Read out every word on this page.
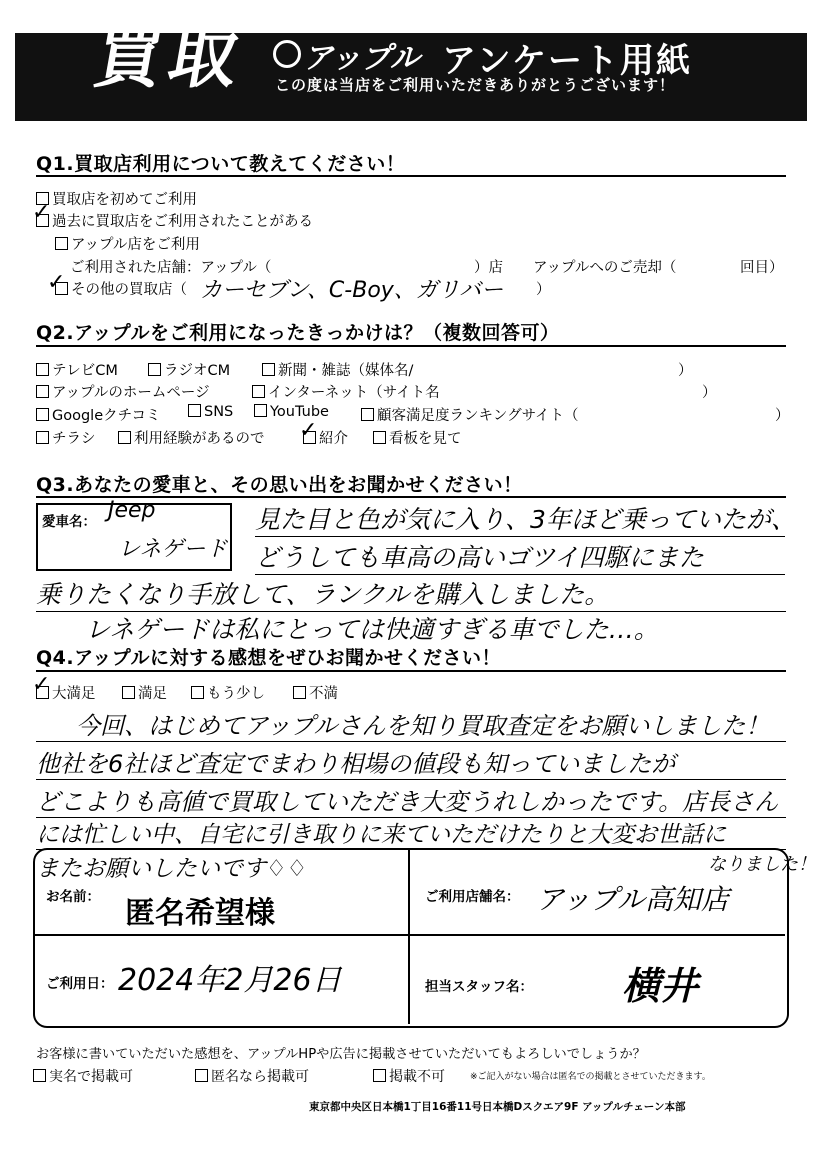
買取 アップル アンケート用紙
この度は当店をご利用いただきありがとうございます！
Q1.買取店利用について教えてください！
買取店を初めてご利用
過去に買取店をご利用されたことがある
✓
アップル店をご利用
ご利用された店舗：アップル（	）店 アップルへのご売却（	回目）
その他の買取店（
✓	カーセブン、C-Boy、ガリバー ）
Q2.アップルをご利用になったきっかけは？（複数回答可）
テレビCM	ラジオCM	新聞・雑誌（媒体名/	）
アップルのホームページ	インターネット（サイト名	）
Googleクチコミ	SNS	YouTube	顧客満足度ランキングサイト（	）
チラシ	利用経験があるので	紹介
✓	看板を見て
Q3.あなたの愛車と、その思い出をお聞かせください！
愛車名： Jeep
レネゲード
見た目と色が気に入り、3年ほど乗っていたが、
どうしても車高の高いゴツイ四駆にまた
乗りたくなり手放して、ランクルを購入しました。
レネゲードは私にとっては快適すぎる車でした…。
Q4.アップルに対する感想をぜひお聞かせください！
大満足
✓	満足	もう少し	不満
今回、はじめてアップルさんを知り買取査定をお願いしました！
他社を6社ほど査定でまわり相場の値段も知っていましたが
どこよりも高値で買取していただき大変うれしかったです。店長さん
には忙しい中、自宅に引き取りに来ていただけたりと大変お世話に
またお願いしたいです♢♢	なりました！
お名前： 匿名希望様	ご利用店舗名： アップル高知店
ご利用日： 2024年2月26日	担当スタッフ名： 横井
お客様に書いていただいた感想を、アップルHPや広告に掲載させていただいてもよろしいでしょうか？
実名で掲載可	匿名なら掲載可	掲載不可	※ご記入がない場合は匿名での掲載とさせていただきます。
東京都中央区日本橋1丁目16番11号日本橋Dスクエア9F アップルチェーン本部
